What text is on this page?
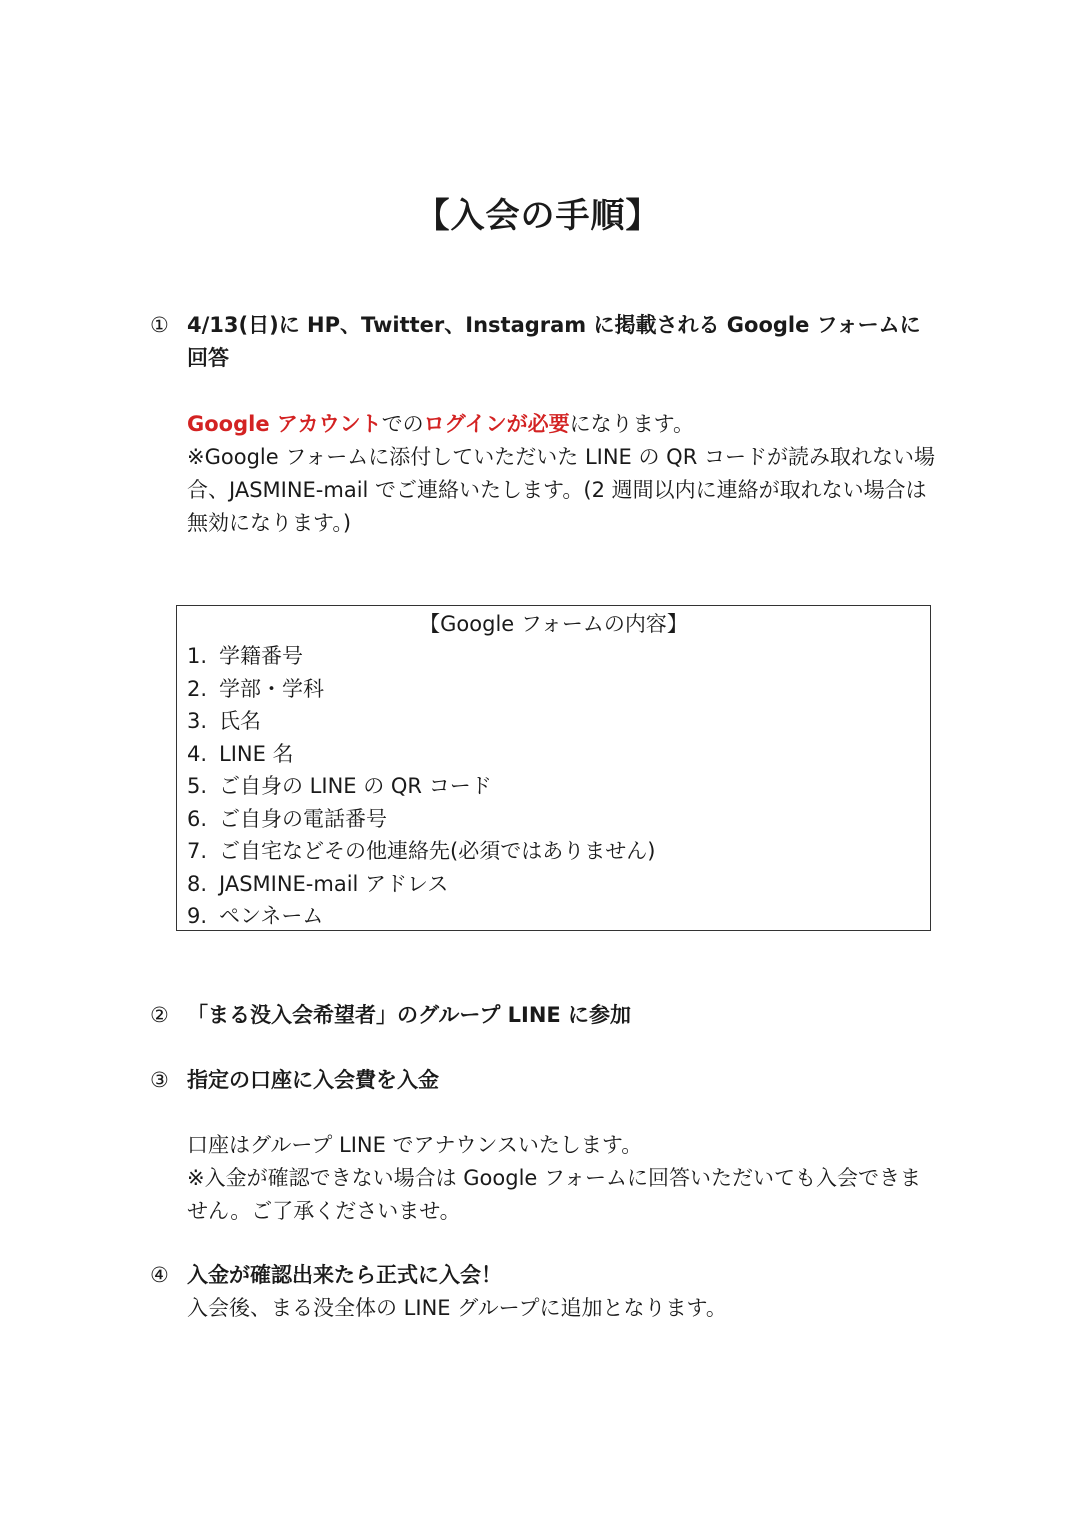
【入会の手順】
① 4/13(日)に HP、Twitter、Instagram に掲載される Google フォームに回答
Google アカウントでのログインが必要になります。
※Google フォームに添付していただいた LINE の QR コードが読み取れない場合、JASMINE-mail でご連絡いたします。(2 週間以内に連絡が取れない場合は無効になります。)
【Google フォームの内容】
1. 学籍番号
2. 学部・学科
3. 氏名
4. LINE 名
5. ご自身の LINE の QR コード
6. ご自身の電話番号
7. ご自宅などその他連絡先(必須ではありません)
8. JASMINE-mail アドレス
9. ペンネーム
② 「まる没入会希望者」のグループ LINE に参加
③ 指定の口座に入会費を入金
口座はグループ LINE でアナウンスいたします。
※入金が確認できない場合は Google フォームに回答いただいても入会できません。ご了承くださいませ。
④ 入金が確認出来たら正式に入会！
入会後、まる没全体の LINE グループに追加となります。
